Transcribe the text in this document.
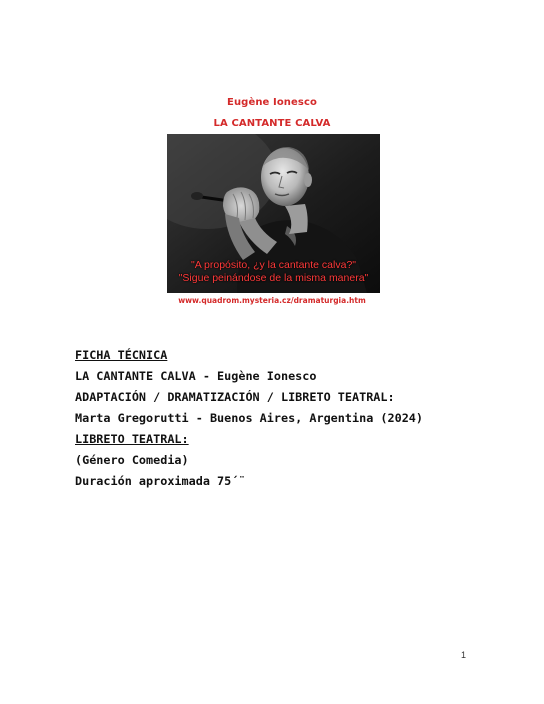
Eugène Ionesco
LA CANTANTE CALVA
"A propósito, ¿y la cantante calva?"
"Sigue peinándose de la misma manera"
www.quadrom.mysteria.cz/dramaturgia.htm
FICHA TÉCNICA
LA CANTANTE CALVA - Eugène Ionesco
ADAPTACIÓN / DRAMATIZACIÓN / LIBRETO TEATRAL:
Marta Gregorutti - Buenos Aires, Argentina (2024)
LIBRETO TEATRAL:
(Género Comedia)
Duración aproximada 75´¨
1
